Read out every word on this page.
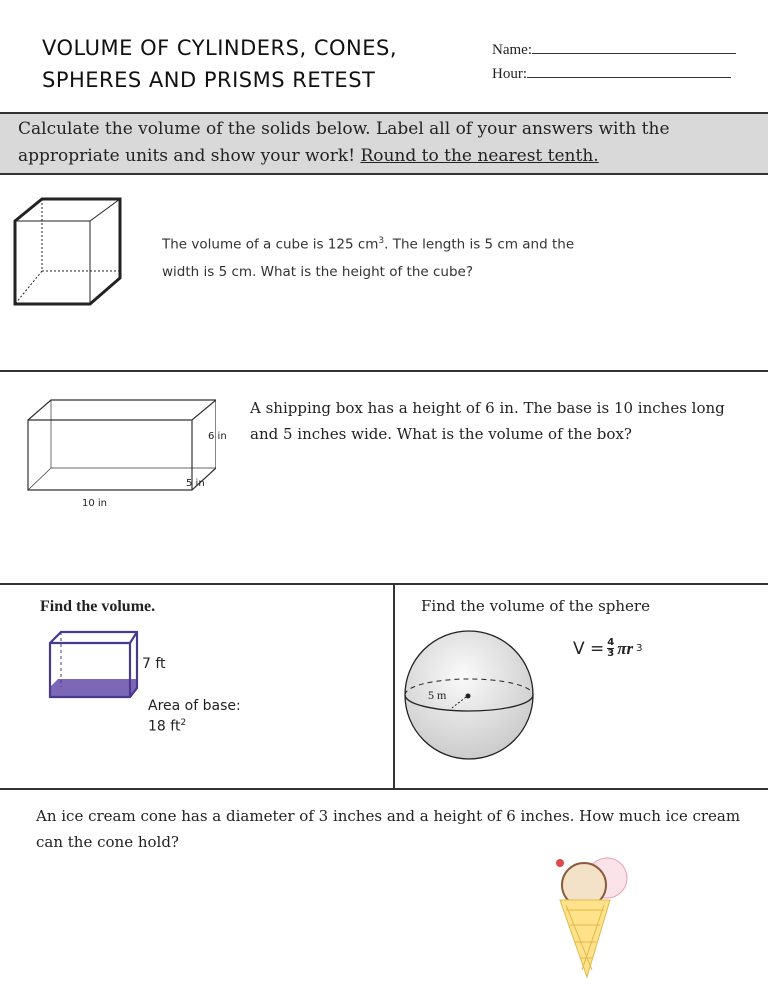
VOLUME OF CYLINDERS, CONES,
SPHERES AND PRISMS RETEST
Name:
Hour:
Calculate the volume of the solids below. Label all of your answers with the appropriate units and show your work! Round to the nearest tenth.
The volume of a cube is 125 $cm^3$. The length is 5 cm and the
width is 5 cm. What is the height of the cube?
6 in
5 in
10 in
A shipping box has a height of 6 in. The base is 10 inches long and 5 inches wide. What is the volume of the box?
Find the volume.
7 ft
Area of base:
18 $ft^2$
Find the volume of the sphere
5 m
$V = \frac{4}{3}$ πr 3
An ice cream cone has a diameter of 3 inches and a height of 6 inches. How much ice cream can the cone hold?
